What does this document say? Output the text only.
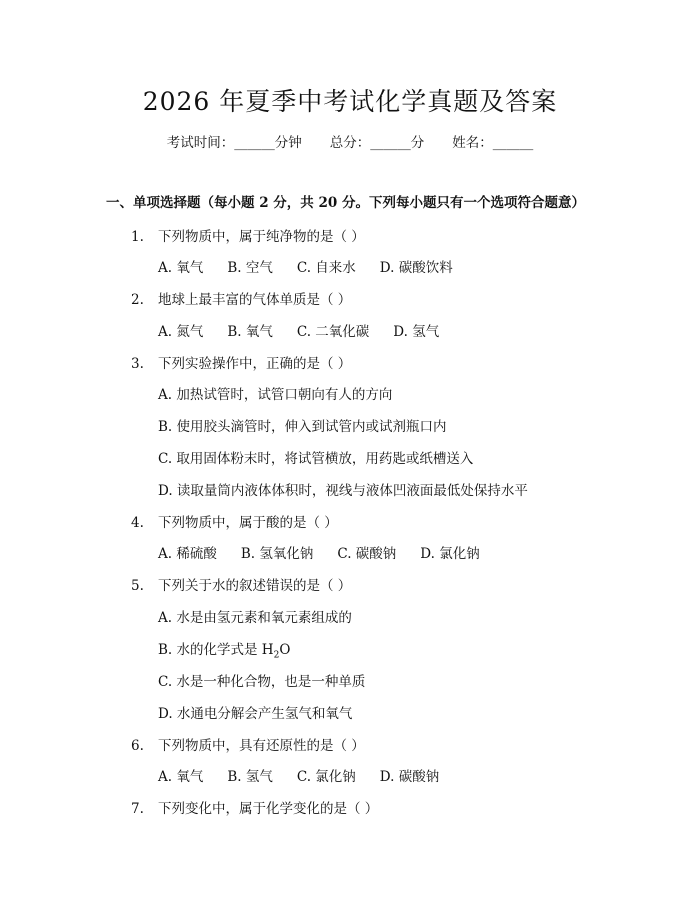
2026 年夏季中考试化学真题及答案
考试时间：______分钟 总分：______分 姓名：______
一、单项选择题（每小题 2 分，共 20 分。下列每小题只有一个选项符合题意）
1. 下列物质中，属于纯净物的是（ ）
A. 氧气 B. 空气 C. 自来水 D. 碳酸饮料
2. 地球上最丰富的气体单质是（ ）
A. 氮气 B. 氧气 C. 二氧化碳 D. 氢气
3. 下列实验操作中，正确的是（ ）
A. 加热试管时，试管口朝向有人的方向
B. 使用胶头滴管时，伸入到试管内或试剂瓶口内
C. 取用固体粉末时，将试管横放，用药匙或纸槽送入
D. 读取量筒内液体体积时，视线与液体凹液面最低处保持水平
4. 下列物质中，属于酸的是（ ）
A. 稀硫酸 B. 氢氧化钠 C. 碳酸钠 D. 氯化钠
5. 下列关于水的叙述错误的是（ ）
A. 水是由氢元素和氧元素组成的
B. 水的化学式是 $H_2O$
C. 水是一种化合物，也是一种单质
D. 水通电分解会产生氢气和氧气
6. 下列物质中，具有还原性的是（ ）
A. 氧气 B. 氢气 C. 氯化钠 D. 碳酸钠
7. 下列变化中，属于化学变化的是（ ）
